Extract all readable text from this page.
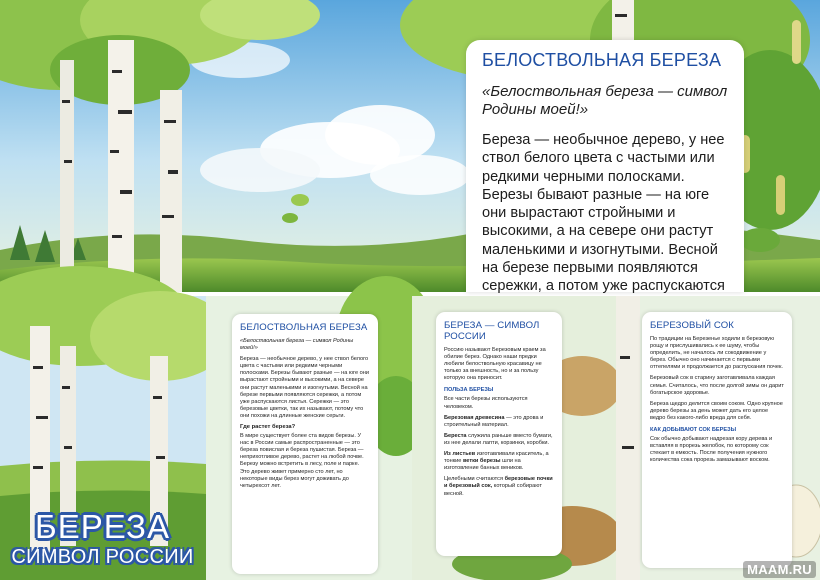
БЕЛОСТВОЛЬНАЯ БЕРЕЗА

«Белоствольная береза — символ Родины моей!»

Береза — необычное дерево, у нее ствол белого цвета с частыми или редкими черными полосками. Березы бывают разные — на юге они вырастают стройными и высокими, а на севере они растут маленькими и изогнутыми. Весной на березе первыми появляются сережки, а потом уже распускаются

БЕРЕЗА
СИМВОЛ РОССИИ
БЕЛОСТВОЛЬНАЯ БЕРЕЗА

«Белоствольная береза — символ Родины моей!»

Береза — необычное дерево, у нее ствол белого цвета с частыми или редкими черными полосками. Березы бывают разные — на юге они вырастают стройными и высокими, а на севере они растут маленькими и изогнутыми. Весной на березе первыми появляются сережки, а потом уже распускаются листья. Сережки — это березовые цветки, так их называют, потому что они похожи на длинные женские серьги.

Где растет береза?

В мире существует более ста видов березы. У нас в России самые распространенные — это береза повислая и береза пушистая. Береза — неприхотливое дерево, растет на любой почве. Березу можно встретить в лесу, поле и парке. Это дерево живет примерно сто лет, но некоторые виды берез могут доживать до четырехсот лет.

БЕРЕЗА — СИМВОЛ РОССИИ

Россию называют Березовым краем за обилие берез. Однако наши предки любили белоствольную красавицу не только за внешность, но и за пользу которую она приносит.

ПОЛЬЗА БЕРЕЗЫ

Все части березы используются человеком.

Березовая древесина — это дрова и строительный материал.

Береста служила раньше вместо бумаги, из нее делали лапти, корзинки, коробки.

Из листьев изготавливали краситель, а тонкие ветки березы шли на изготовление банных веников.

Целебными считаются березовые почки и березовый сок, который собирают весной.

БЕРЕЗОВЫЙ СОК

По традиции на Березенье ходили в березовую рощу и прислушивались к ее шуму, чтобы определить, не началось ли сокодвижение у берез. Обычно оно начинается с первыми оттепелями и продолжается до распускания почек.

Березовый сок в старину заготавливала каждая семья. Считалось, что после долгой зимы он дарит богатырское здоровье.

Береза щедро делится своим соком. Одно крупное дерево березы за день может дать его целое ведро без какого-либо вреда для себя.

КАК ДОБЫВАЮТ СОК БЕРЕЗЫ

Сок обычно добывают надрезая кору дерева и вставляя в прорезь желобок, по которому сок стекает в емкость. После получения нужного количества сока прорезь замазывают воском.

MAAM.RU
